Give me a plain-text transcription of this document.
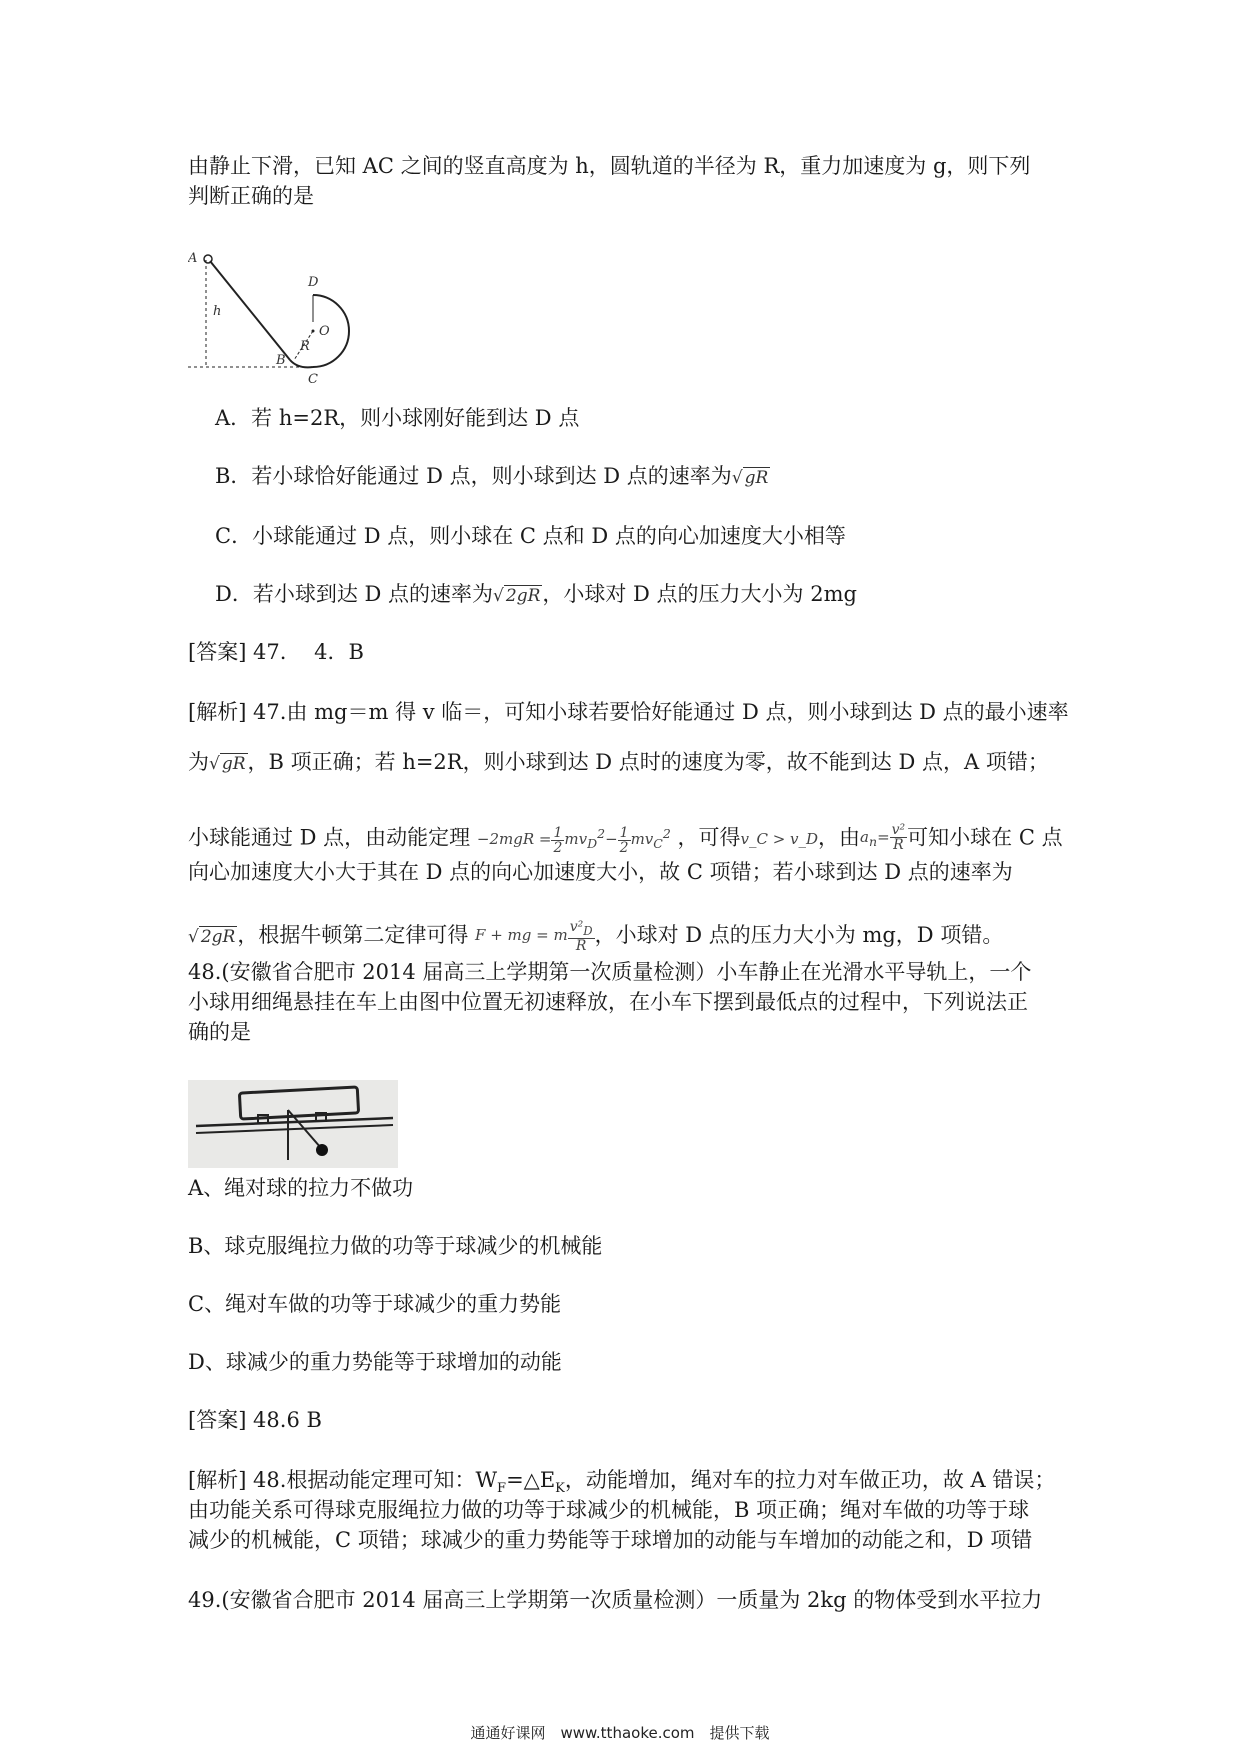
由静止下滑，已知 AC 之间的竖直高度为 h，圆轨道的半径为 R，重力加速度为 g，则下列
判断正确的是
A
h
D
O
R
B
C
A．若 h=2R，则小球刚好能到达 D 点
B．若小球恰好能通过 D 点，则小球到达 D 点的速率为√ gR
C．小球能通过 D 点，则小球在 C 点和 D 点的向心加速度大小相等
D．若小球到达 D 点的速率为√ 2gR，小球对 D 点的压力大小为 2mg
[答案] 47.　 4．B
[解析] 47.由 mg＝m 得 v 临＝，可知小球若要恰好能通过 D 点，则小球到达 D 点的最小速率
为√ gR，B 项正确；若 h=2R，则小球到达 D 点时的速度为零，故不能到达 D 点，A 项错；
小球能通过 D 点，由动能定理 $-2mgR = \frac{1}{2} mv_D^2- \frac{1}{2} mv_C^2$ ，可得v_C > v_D，由$a_n= \frac{\text{v²}}{R}$ 可知小球在 C 点
向心加速度大小大于其在 D 点的向心加速度大小，故 C 项错；若小球到达 D 点的速率为
√ 2gR，根据牛顿第二定律可得 F + mg = m $\frac{v^2_D}{R}$ ，小球对 D 点的压力大小为 mg，D 项错。
48.(安徽省合肥市 2014 届高三上学期第一次质量检测）小车静止在光滑水平导轨上，一个
小球用细绳悬挂在车上由图中位置无初速释放，在小车下摆到最低点的过程中，下列说法正
确的是
A、绳对球的拉力不做功
B、球克服绳拉力做的功等于球减少的机械能
C、绳对车做的功等于球减少的重力势能
D、球减少的重力势能等于球增加的动能
[答案] 48.6 B
[解析] 48.根据动能定理可知：$W_F=\triangle E_K$，动能增加，绳对车的拉力对车做正功，故 A 错误；
由功能关系可得球克服绳拉力做的功等于球减少的机械能，B 项正确；绳对车做的功等于球
减少的机械能，C 项错；球减少的重力势能等于球增加的动能与车增加的动能之和，D 项错
49.(安徽省合肥市 2014 届高三上学期第一次质量检测）一质量为 2kg 的物体受到水平拉力
通通好课网　www.tthaoke.com　提供下载
